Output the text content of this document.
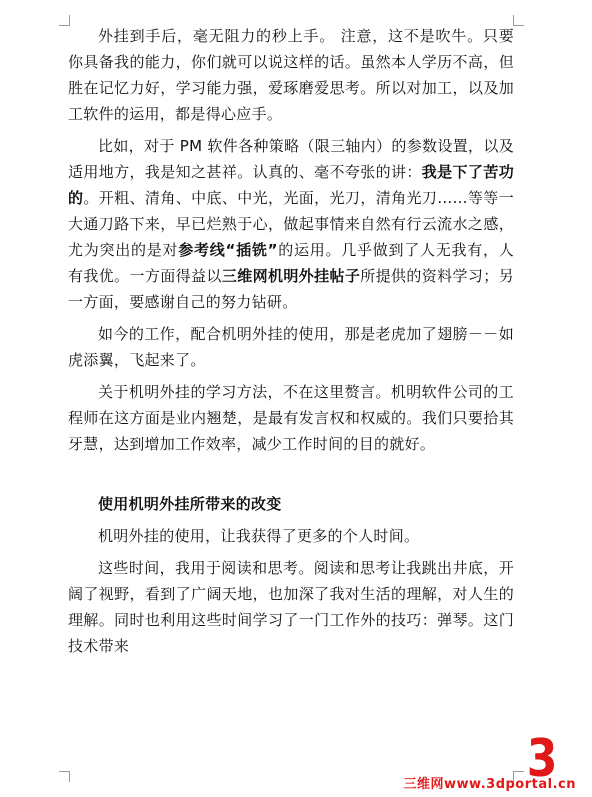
外挂到手后，毫无阻力的秒上手。 注意，这不是吹牛。只要你具备我的能力，你们就可以说这样的话。虽然本人学历不高，但胜在记忆力好，学习能力强，爱琢磨爱思考。所以对加工，以及加工软件的运用，都是得心应手。

比如，对于 PM 软件各种策略（限三轴内）的参数设置，以及适用地方，我是知之甚祥。认真的、毫不夸张的讲：我是下了苦功的。开粗、清角、中底、中光，光面，光刀，清角光刀……等等一大通刀路下来，早已烂熟于心，做起事情来自然有行云流水之感，尤为突出的是对参考线“插铣”的运用。几乎做到了人无我有，人有我优。一方面得益以三维网机明外挂帖子所提供的资料学习；另一方面，要感谢自己的努力钻研。

如今的工作，配合机明外挂的使用，那是老虎加了翅膀－－如虎添翼，飞起来了。

关于机明外挂的学习方法，不在这里赘言。机明软件公司的工程师在这方面是业内翘楚，是最有发言权和权威的。我们只要拾其牙慧，达到增加工作效率，减少工作时间的目的就好。

使用机明外挂所带来的改变

机明外挂的使用，让我获得了更多的个人时间。

这些时间，我用于阅读和思考。阅读和思考让我跳出井底，开阔了视野，看到了广阔天地，也加深了我对生活的理解，对人生的理解。同时也利用这些时间学习了一门工作外的技巧：弹琴。这门技术带来

3
三维网www.3dportal.cn
